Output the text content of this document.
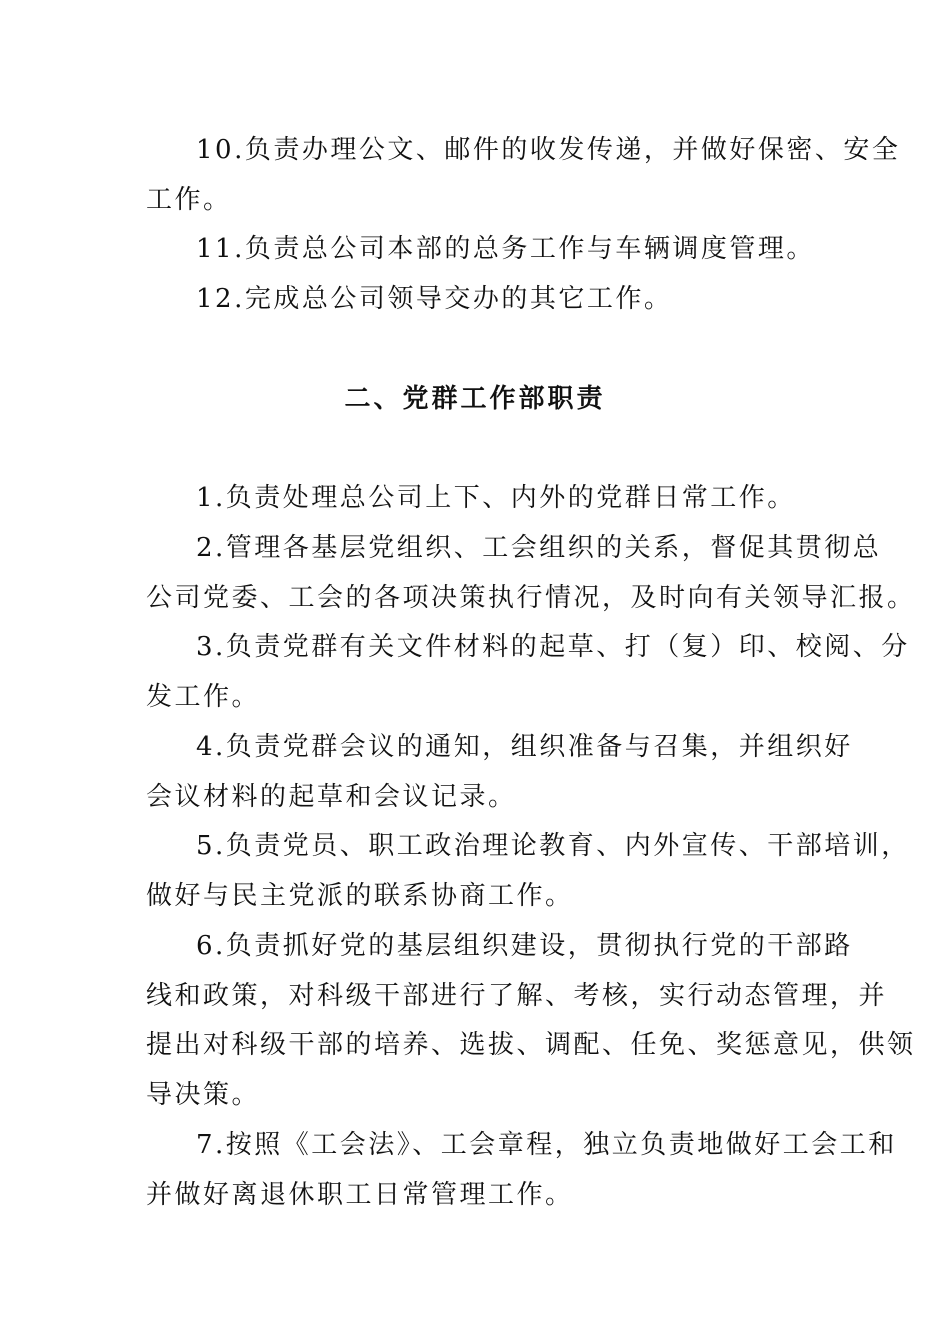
10.负责办理公文、邮件的收发传递，并做好保密、安全

工作。

11.负责总公司本部的总务工作与车辆调度管理。

12.完成总公司领导交办的其它工作。

二、党群工作部职责

1.负责处理总公司上下、内外的党群日常工作。

2.管理各基层党组织、工会组织的关系，督促其贯彻总

公司党委、工会的各项决策执行情况，及时向有关领导汇报。

3.负责党群有关文件材料的起草、打（复）印、校阅、分

发工作。

4.负责党群会议的通知，组织准备与召集，并组织好

会议材料的起草和会议记录。

5.负责党员、职工政治理论教育、内外宣传、干部培训，

做好与民主党派的联系协商工作。

6.负责抓好党的基层组织建设，贯彻执行党的干部路

线和政策，对科级干部进行了解、考核，实行动态管理，并

提出对科级干部的培养、选拔、调配、任免、奖惩意见，供领

导决策。

7.按照《工会法》、工会章程，独立负责地做好工会工和

并做好离退休职工日常管理工作。
